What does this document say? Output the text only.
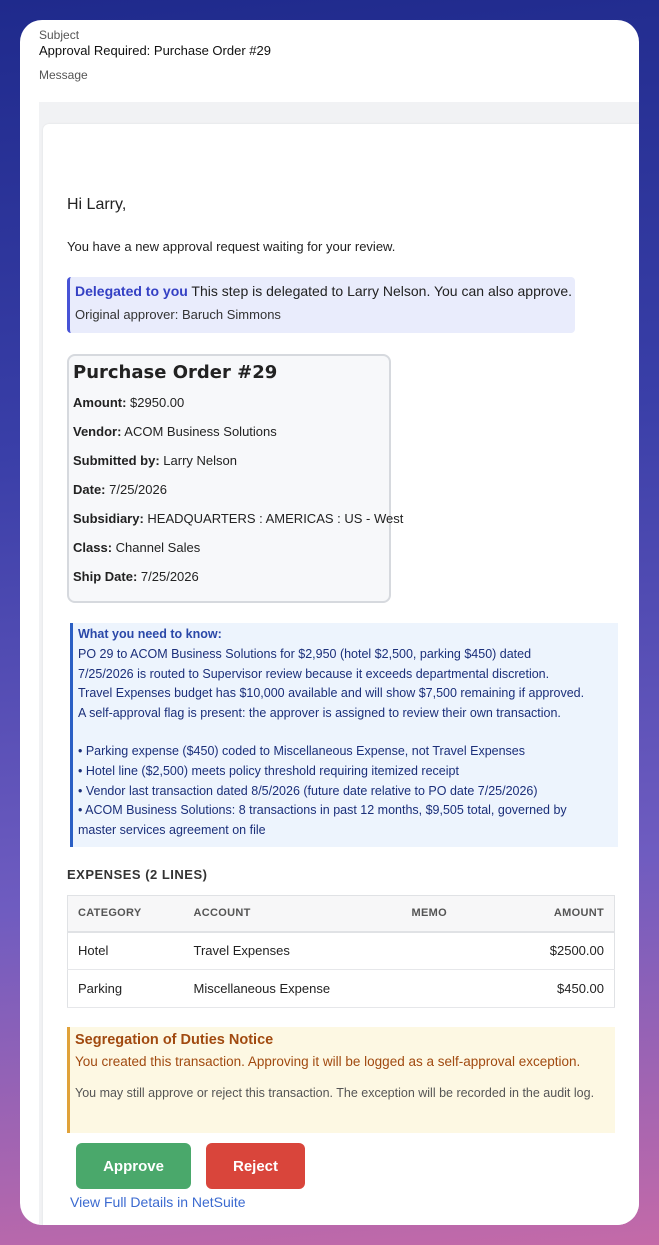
Subject
Approval Required: Purchase Order #29
Message
Hi Larry,
You have a new approval request waiting for your review.
Delegated to you This step is delegated to Larry Nelson. You can also approve.
Original approver: Baruch Simmons
Purchase Order #29
Amount: $2950.00
Vendor: ACOM Business Solutions
Submitted by: Larry Nelson
Date: 7/25/2026
Subsidiary: HEADQUARTERS : AMERICAS : US - West
Class: Channel Sales
Ship Date: 7/25/2026
What you need to know:

PO 29 to ACOM Business Solutions for $2,950 (hotel $2,500, parking $450) dated

7/25/2026 is routed to Supervisor review because it exceeds departmental discretion.

Travel Expenses budget has $10,000 available and will show $7,500 remaining if approved.

A self-approval flag is present: the approver is assigned to review their own transaction.

• Parking expense ($450) coded to Miscellaneous Expense, not Travel Expenses

• Hotel line ($2,500) meets policy threshold requiring itemized receipt

• Vendor last transaction dated 8/5/2026 (future date relative to PO date 7/25/2026)

• ACOM Business Solutions: 8 transactions in past 12 months, $9,505 total, governed by

master services agreement on file

EXPENSES (2 LINES)
CATEGORY	ACCOUNT	MEMO	AMOUNT
Hotel	Travel Expenses		$2500.00
Parking	Miscellaneous Expense		$450.00
Segregation of Duties Notice
You created this transaction. Approving it will be logged as a self-approval exception.
You may still approve or reject this transaction. The exception will be recorded in the audit log.
Approve	Reject
View Full Details in NetSuite
